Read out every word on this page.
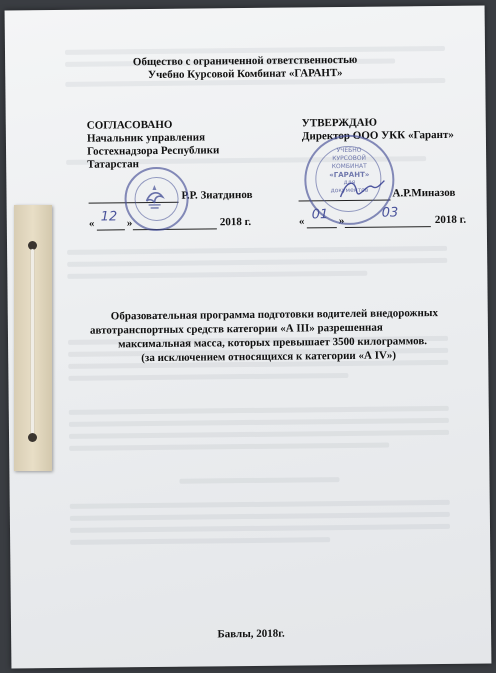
Общество с ограниченной ответственностью
Учебно Курсовой Комбинат «ГАРАНТ»
СОГЛАСОВАНО
Начальник управления
Гостехнадзора Республики
Татарстан
Р.Р. Зиатдинов
« 12 »	2018 г.
УТВЕРЖДАЮ
Директор ООО УКК «Гарант»
А.Р.Миназов
« 01 »
03	2018 г.
УЧЕБНО
КУРСОВОЙ
КОМБИНАТ
«ГАРАНТ»
для
документов
Образовательная программа подготовки водителей внедорожных
автотранспортных средств категории «А III» разрешенная
максимальная масса, которых превышает 3500 килограммов.
(за исключением относящихся к категории «А IV»)
Бавлы, 2018г.
